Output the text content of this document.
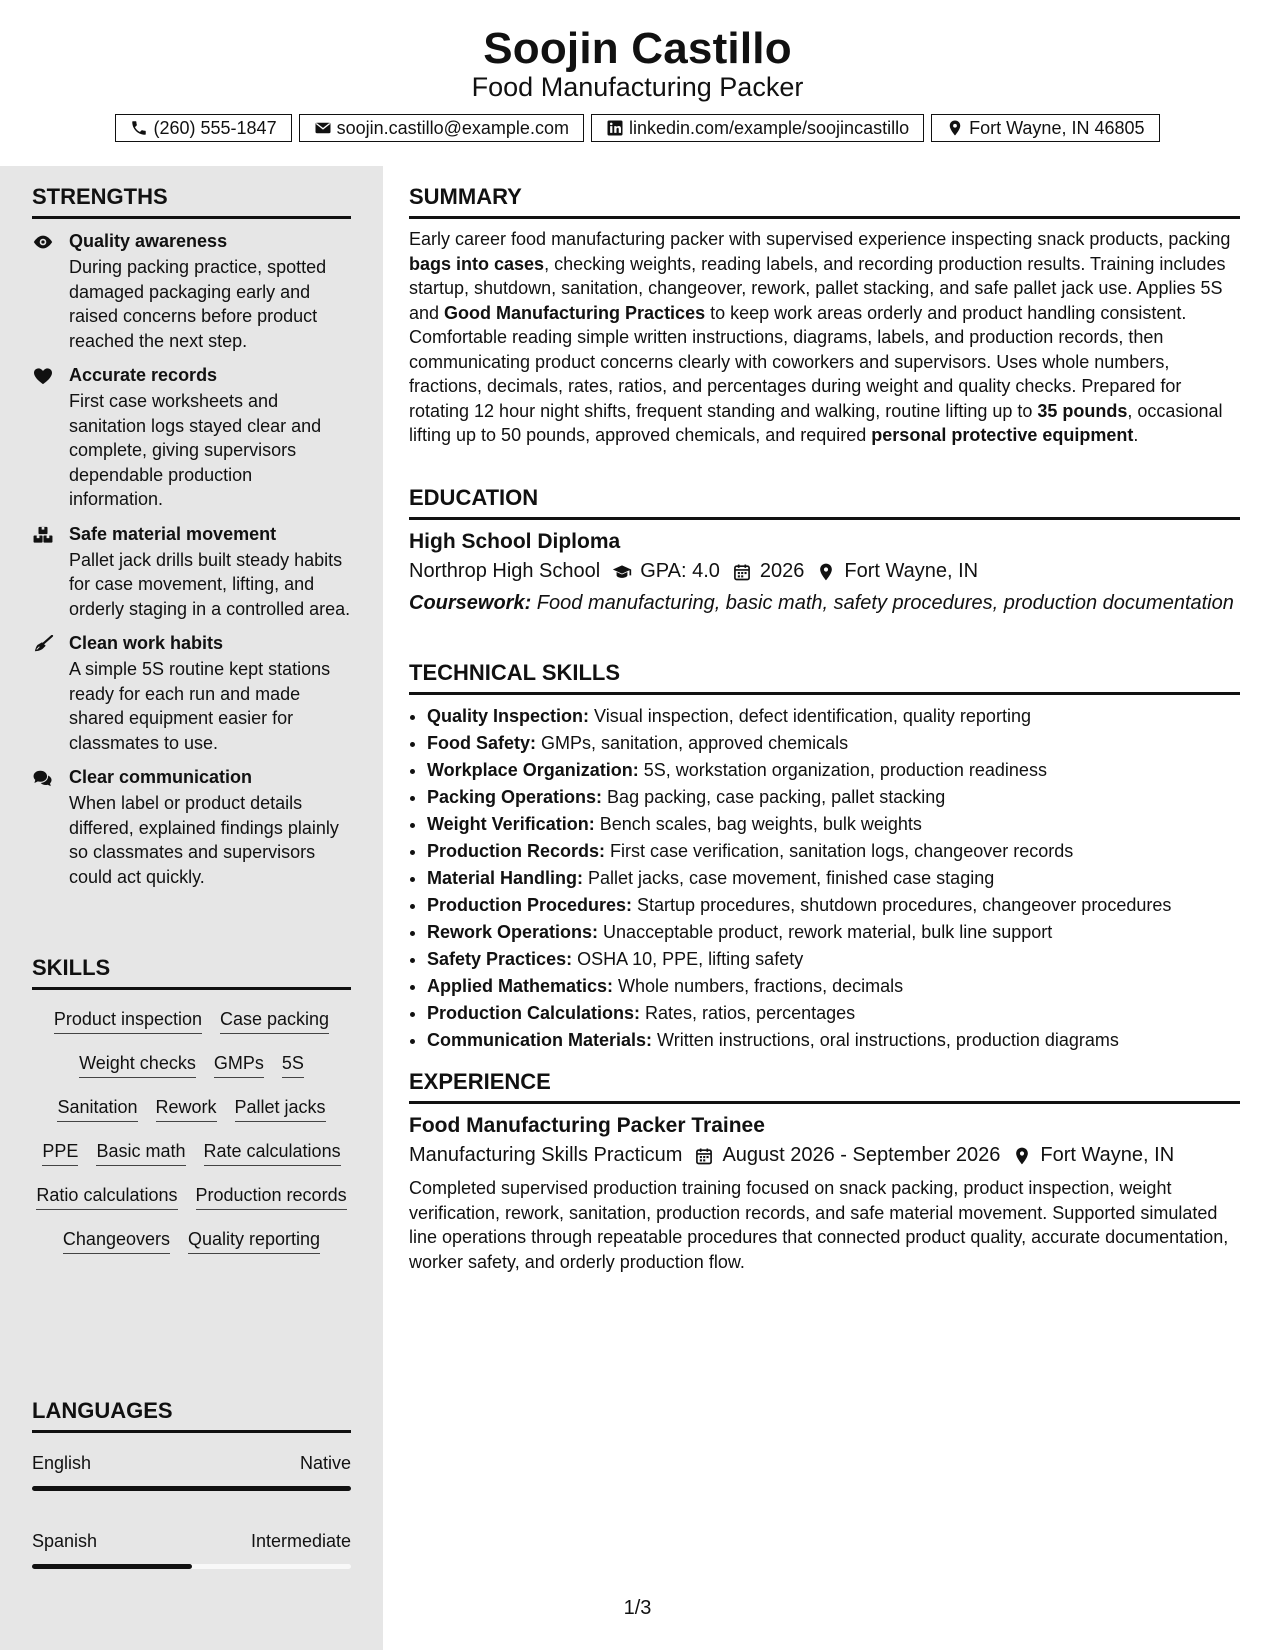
Soojin Castillo
Food Manufacturing Packer
(260) 555-1847	soojin.castillo@example.com	linkedin.com/example/soojincastillo	Fort Wayne, IN 46805
STRENGTHS
Quality awareness
During packing practice, spotted damaged packaging early and raised concerns before product reached the next step.
Accurate records
First case worksheets and sanitation logs stayed clear and complete, giving supervisors dependable production information.
Safe material movement
Pallet jack drills built steady habits for case movement, lifting, and orderly staging in a controlled area.
Clean work habits
A simple 5S routine kept stations ready for each run and made shared equipment easier for classmates to use.
Clear communication
When label or product details differed, explained findings plainly so classmates and supervisors could act quickly.
SKILLS
Product inspection Case packing
Weight checks GMPs 5S
Sanitation Rework Pallet jacks
PPE Basic math Rate calculations
Ratio calculations Production records
Changeovers Quality reporting
LANGUAGES
English	Native
Spanish	Intermediate
SUMMARY
Early career food manufacturing packer with supervised experience inspecting snack products, packing bags into cases, checking weights, reading labels, and recording production results. Training includes startup, shutdown, sanitation, changeover, rework, pallet stacking, and safe pallet jack use. Applies 5S and Good Manufacturing Practices to keep work areas orderly and product handling consistent. Comfortable reading simple written instructions, diagrams, labels, and production records, then communicating product concerns clearly with coworkers and supervisors. Uses whole numbers, fractions, decimals, rates, ratios, and percentages during weight and quality checks. Prepared for rotating 12 hour night shifts, frequent standing and walking, routine lifting up to 35 pounds, occasional lifting up to 50 pounds, approved chemicals, and required personal protective equipment.
EDUCATION
High School Diploma
Northrop High School GPA: 4.0 2026 Fort Wayne, IN
Coursework: Food manufacturing, basic math, safety procedures, production documentation
TECHNICAL SKILLS
• Quality Inspection: Visual inspection, defect identification, quality reporting
• Food Safety: GMPs, sanitation, approved chemicals
• Workplace Organization: 5S, workstation organization, production readiness
• Packing Operations: Bag packing, case packing, pallet stacking
• Weight Verification: Bench scales, bag weights, bulk weights
• Production Records: First case verification, sanitation logs, changeover records
• Material Handling: Pallet jacks, case movement, finished case staging
• Production Procedures: Startup procedures, shutdown procedures, changeover procedures
• Rework Operations: Unacceptable product, rework material, bulk line support
• Safety Practices: OSHA 10, PPE, lifting safety
• Applied Mathematics: Whole numbers, fractions, decimals
• Production Calculations: Rates, ratios, percentages
• Communication Materials: Written instructions, oral instructions, production diagrams
EXPERIENCE
Food Manufacturing Packer Trainee
Manufacturing Skills Practicum August 2026 - September 2026 Fort Wayne, IN
Completed supervised production training focused on snack packing, product inspection, weight verification, rework, sanitation, production records, and safe material movement. Supported simulated line operations through repeatable procedures that connected product quality, accurate documentation, worker safety, and orderly production flow.
1/3
